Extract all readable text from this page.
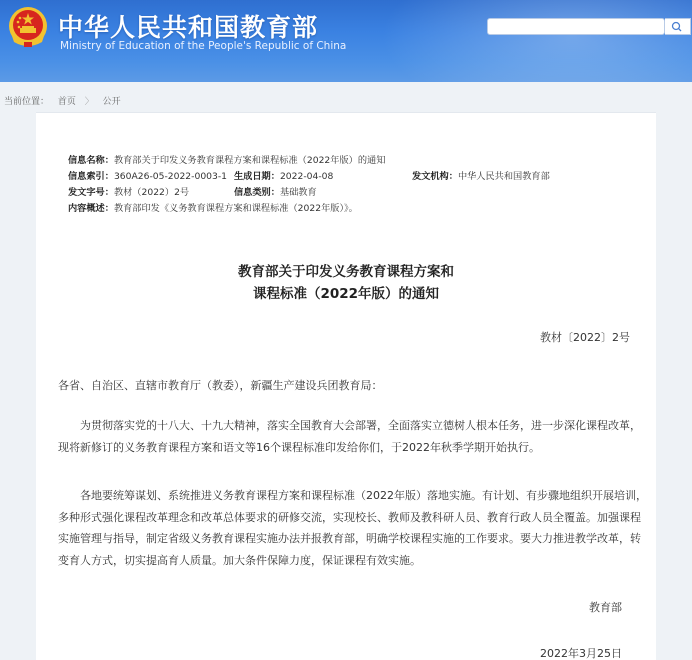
中华人民共和国教育部
Ministry of Education of the People's Republic of China
当前位置： 首页 〉 公开
信息名称：教育部关于印发义务教育课程方案和课程标准（2022年版）的通知
信息索引：360A26-05-2022-0003-1 生成日期：2022-04-08	发文机构：中华人民共和国教育部
发文字号：教材（2022）2号	信息类别：基础教育
内容概述：教育部印发《义务教育课程方案和课程标准（2022年版）》。
教育部关于印发义务教育课程方案和
课程标准（2022年版）的通知
教材〔2022〕2号
各省、自治区、直辖市教育厅（教委），新疆生产建设兵团教育局：

为贯彻落实党的十八大、十九大精神，落实全国教育大会部署，全面落实立德树人根本任务，进一步深化课程改革，现将新修订的义务教育课程方案和语文等16个课程标准印发给你们，于2022年秋季学期开始执行。

各地要统筹谋划、系统推进义务教育课程方案和课程标准（2022年版）落地实施。有计划、有步骤地组织开展培训，多种形式强化课程改革理念和改革总体要求的研修交流，实现校长、教师及教科研人员、教育行政人员全覆盖。加强课程实施管理与指导，制定省级义务教育课程实施办法并报教育部，明确学校课程实施的工作要求。要大力推进教学改革，转变育人方式，切实提高育人质量。加大条件保障力度，保证课程有效实施。

教育部
2022年3月25日
